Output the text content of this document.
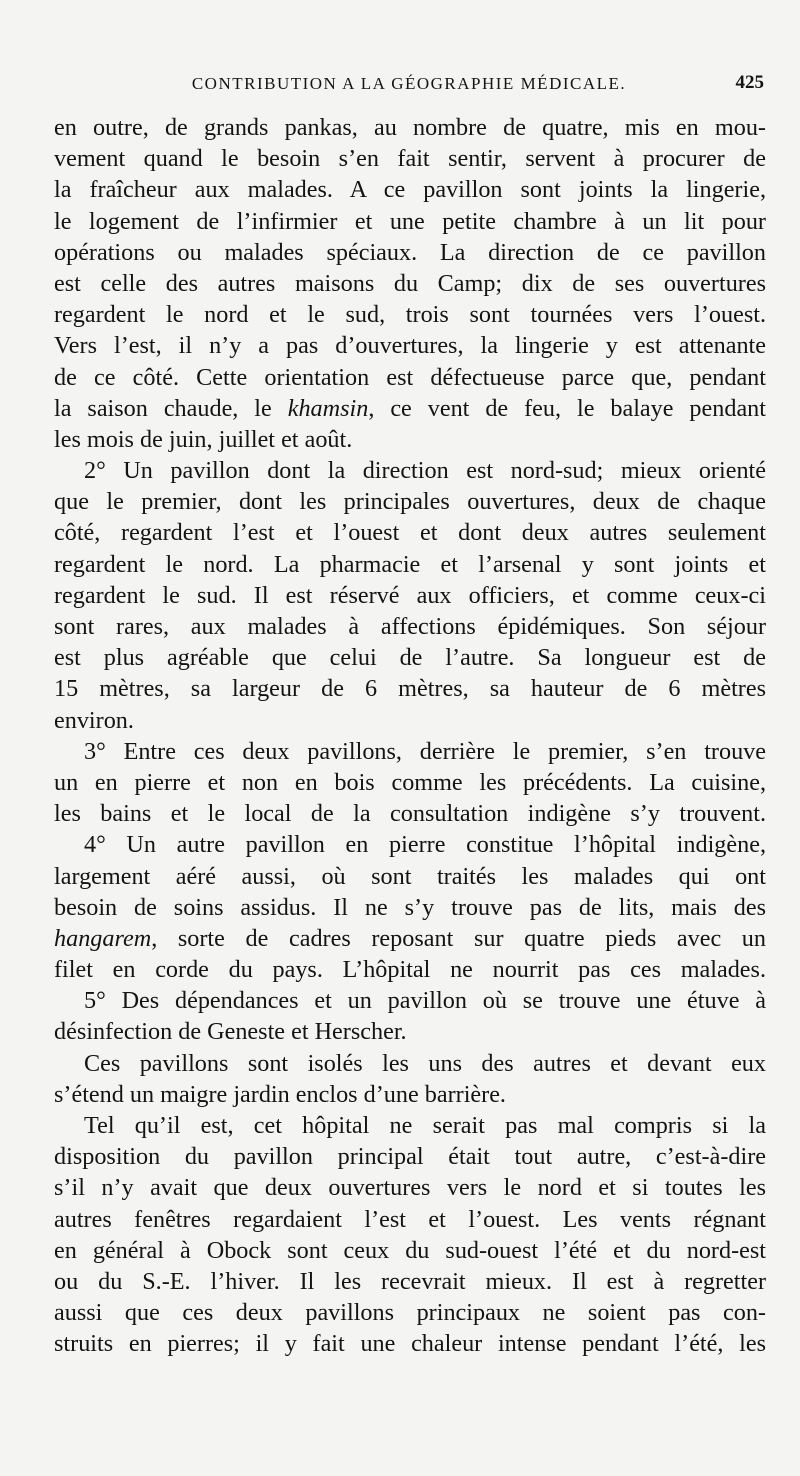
CONTRIBUTION A LA GÉOGRAPHIE MÉDICALE.	425
en outre, de grands pankas, au nombre de quatre, mis en mou-
vement quand le besoin s’en fait sentir, servent à procurer de
la fraîcheur aux malades. A ce pavillon sont joints la lingerie,
le logement de l’infirmier et une petite chambre à un lit pour
opérations ou malades spéciaux. La direction de ce pavillon
est celle des autres maisons du Camp; dix de ses ouvertures
regardent le nord et le sud, trois sont tournées vers l’ouest.
Vers l’est, il n’y a pas d’ouvertures, la lingerie y est attenante
de ce côté. Cette orientation est défectueuse parce que, pendant
la saison chaude, le khamsin, ce vent de feu, le balaye pendant
les mois de juin, juillet et août.
2° Un pavillon dont la direction est nord-sud; mieux orienté
que le premier, dont les principales ouvertures, deux de chaque
côté, regardent l’est et l’ouest et dont deux autres seulement
regardent le nord. La pharmacie et l’arsenal y sont joints et
regardent le sud. Il est réservé aux officiers, et comme ceux-ci
sont rares, aux malades à affections épidémiques. Son séjour
est plus agréable que celui de l’autre. Sa longueur est de
15 mètres, sa largeur de 6 mètres, sa hauteur de 6 mètres
environ.
3° Entre ces deux pavillons, derrière le premier, s’en trouve
un en pierre et non en bois comme les précédents. La cuisine,
les bains et le local de la consultation indigène s’y trouvent.
4° Un autre pavillon en pierre constitue l’hôpital indigène,
largement aéré aussi, où sont traités les malades qui ont
besoin de soins assidus. Il ne s’y trouve pas de lits, mais des
hangarem, sorte de cadres reposant sur quatre pieds avec un
filet en corde du pays. L’hôpital ne nourrit pas ces malades.
5° Des dépendances et un pavillon où se trouve une étuve à
désinfection de Geneste et Herscher.
Ces pavillons sont isolés les uns des autres et devant eux
s’étend un maigre jardin enclos d’une barrière.
Tel qu’il est, cet hôpital ne serait pas mal compris si la
disposition du pavillon principal était tout autre, c’est-à-dire
s’il n’y avait que deux ouvertures vers le nord et si toutes les
autres fenêtres regardaient l’est et l’ouest. Les vents régnant
en général à Obock sont ceux du sud-ouest l’été et du nord-est
ou du S.-E. l’hiver. Il les recevrait mieux. Il est à regretter
aussi que ces deux pavillons principaux ne soient pas con-
struits en pierres; il y fait une chaleur intense pendant l’été, les
